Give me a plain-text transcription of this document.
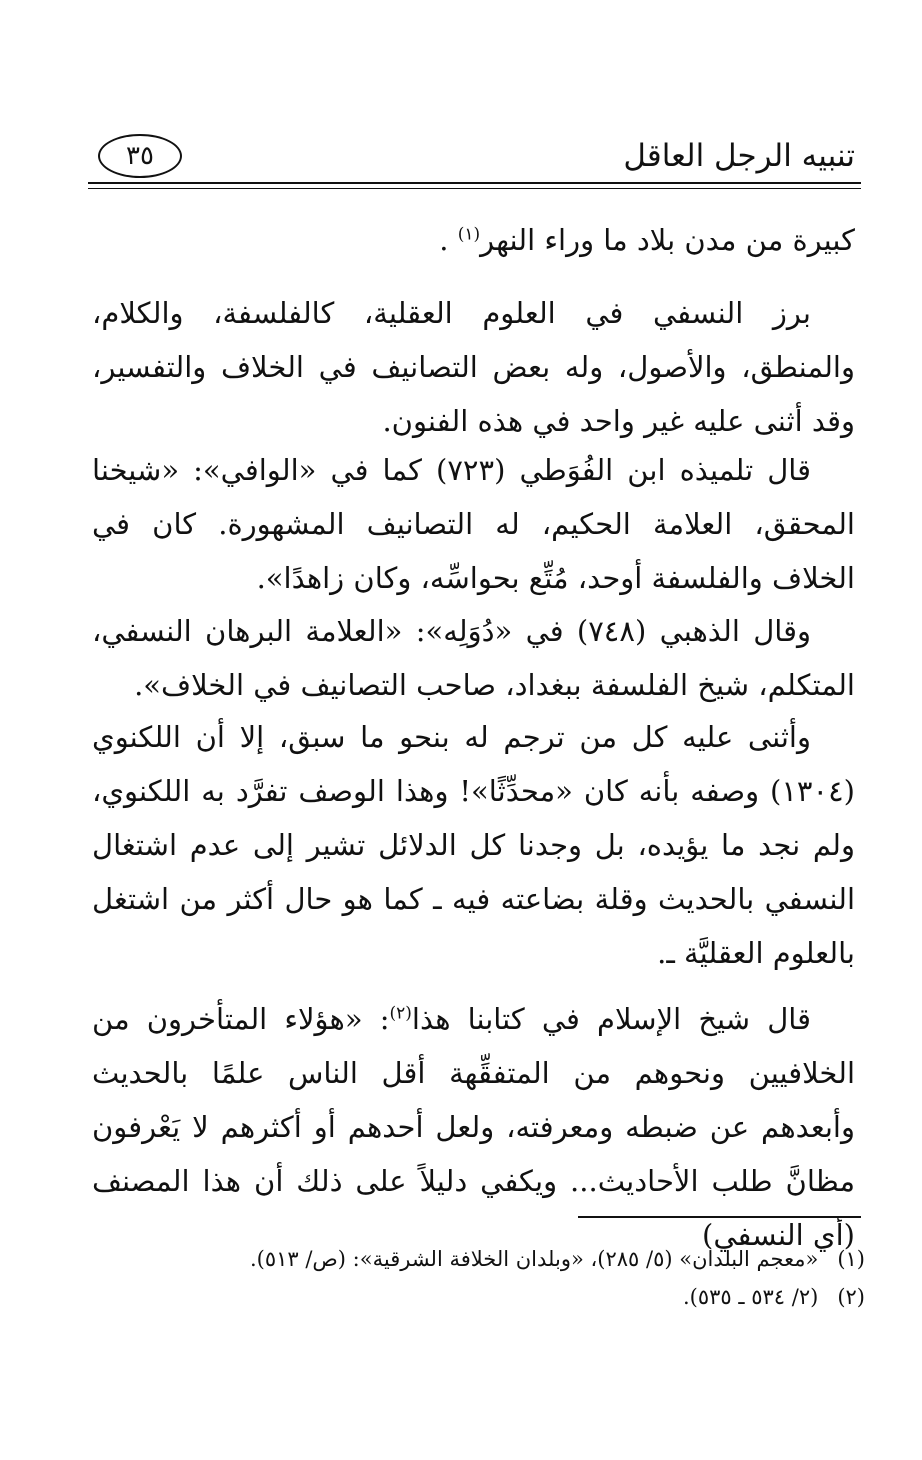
تنبيه الرجل العاقل
٣٥
كبيرة من مدن بلاد ما وراء النهر$^{(١)}$ .
برز النسفي في العلوم العقلية، كالفلسفة، والكلام، والمنطق، والأصول، وله بعض التصانيف في الخلاف والتفسير، وقد أثنى عليه غير واحد في هذه الفنون.
قال تلميذه ابن الفُوَطي (٧٢٣) كما في «الوافي»: «شيخنا المحقق، العلامة الحكيم، له التصانيف المشهورة. كان في الخلاف والفلسفة أوحد، مُتِّع بحواسِّه، وكان زاهدًا».
وقال الذهبي (٧٤٨) في «دُوَلِه»: «العلامة البرهان النسفي، المتكلم، شيخ الفلسفة ببغداد، صاحب التصانيف في الخلاف».
وأثنى عليه كل من ترجم له بنحو ما سبق، إلا أن اللكنوي (١٣٠٤) وصفه بأنه كان «محدِّثًا»! وهذا الوصف تفرَّد به اللكنوي، ولم نجد ما يؤيده، بل وجدنا كل الدلائل تشير إلى عدم اشتغال النسفي بالحديث وقلة بضاعته فيه ـ كما هو حال أكثر من اشتغل بالعلوم العقليَّة ـ.
قال شيخ الإسلام في كتابنا هذا$^{(٢)}$: «هؤلاء المتأخرون من الخلافيين ونحوهم من المتفقِّهة أقل الناس علمًا بالحديث وأبعدهم عن ضبطه ومعرفته، ولعل أحدهم أو أكثرهم لا يَعْرفون مظانَّ طلب الأحاديث... ويكفي دليلاً على ذلك أن هذا المصنف (أي النسفي)
(١) «معجم البلدان» (٥/ ٢٨٥)، «وبلدان الخلافة الشرقية»: (ص/ ٥١٣).
(٢) (٢/ ٥٣٤ ـ ٥٣٥).
